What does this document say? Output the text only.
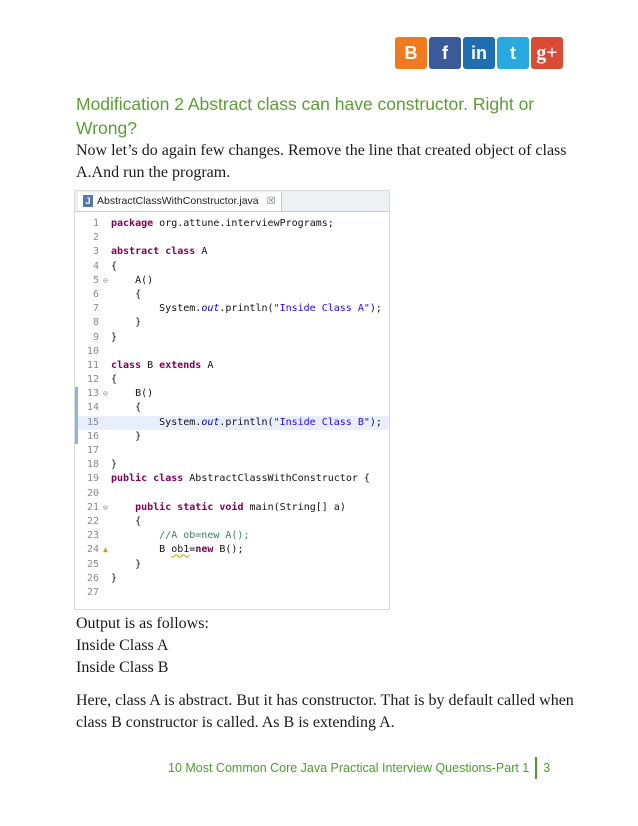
B	f	in	t	g+
Modification 2 Abstract class can have constructor. Right or Wrong?
Now let’s do again few changes. Remove the line that created object of class A.And run the program.
J AbstractClassWithConstructor.java ☒
1	package org.attune.interviewPrograms;
2
3	abstract class A
4	{
5 ⊖ A()
6	{
7	System.out.println("Inside Class A");
8	}
9	}
10
11	class B extends A
12	{
13 ⊖ B()
14	{
15	System.out.println("Inside Class B");
16	}
17
18	}
19	public class AbstractClassWithConstructor {
20
21 ⊖	public static void main(String[] a)
22	{
23	//A ob=new A();
24 ▲ B ob1=new B();
25	}
26	}
27
Output is as follows:
Inside Class A
Inside Class B
Here, class A is abstract. But it has constructor. That is by default called when class B constructor is called. As B is extending A.
10 Most Common Core Java Practical Interview Questions-Part 1 3
